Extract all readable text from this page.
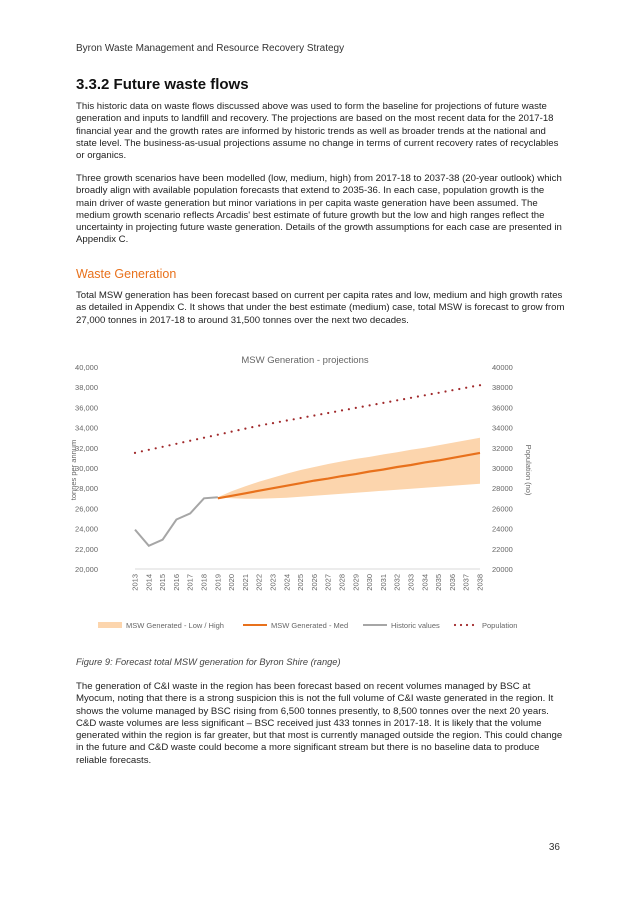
Byron Waste Management and Resource Recovery Strategy
3.3.2 Future waste flows
This historic data on waste flows discussed above was used to form the baseline for projections of future waste generation and inputs to landfill and recovery. The projections are based on the most recent data for the 2017-18 financial year and the growth rates are informed by historic trends as well as broader trends at the national and state level. The business-as-usual projections assume no change in terms of current recovery rates of recyclables or organics.
Three growth scenarios have been modelled (low, medium, high) from 2017-18 to 2037-38 (20-year outlook) which broadly align with available population forecasts that extend to 2035-36. In each case, population growth is the main driver of waste generation but minor variations in per capita waste generation have been assumed. The medium growth scenario reflects Arcadis' best estimate of future growth but the low and high ranges reflect the uncertainty in projecting future waste generation. Details of the growth assumptions for each case are presented in Appendix C.
Waste Generation
Total MSW generation has been forecast based on current per capita rates and low, medium and high growth rates as detailed in Appendix C. It shows that under the best estimate (medium) case, total MSW is forecast to grow from 27,000 tonnes in 2017-18 to around 31,500 tonnes over the next two decades.
MSW Generation - projections
20,000
22,000
24,000
26,000
28,000
30,000
32,000
34,000
36,000
38,000
40,000
20000
22000
24000
26000
28000
30000
32000
34000
36000
38000
40000
tonnes per annum	Population (no)
2013 2014 2015 2016 2017 2018 2019 2020 2021 2022 2023 2024 2025 2026 2027 2028 2029 2030 2031 2032 2033 2034 2035 2036 2037 2038
MSW Generated - Low / High	MSW Generated - Med	Historic values	Population
Figure 9: Forecast total MSW generation for Byron Shire (range)
The generation of C&I waste in the region has been forecast based on recent volumes managed by BSC at Myocum, noting that there is a strong suspicion this is not the full volume of C&I waste generated in the region. It shows the volume managed by BSC rising from 6,500 tonnes presently, to 8,500 tonnes over the next 20 years. C&D waste volumes are less significant – BSC received just 433 tonnes in 2017-18. It is likely that the volume generated within the region is far greater, but that most is currently managed outside the region. This could change in the future and C&D waste could become a more significant stream but there is no baseline data to produce reliable forecasts.
36
